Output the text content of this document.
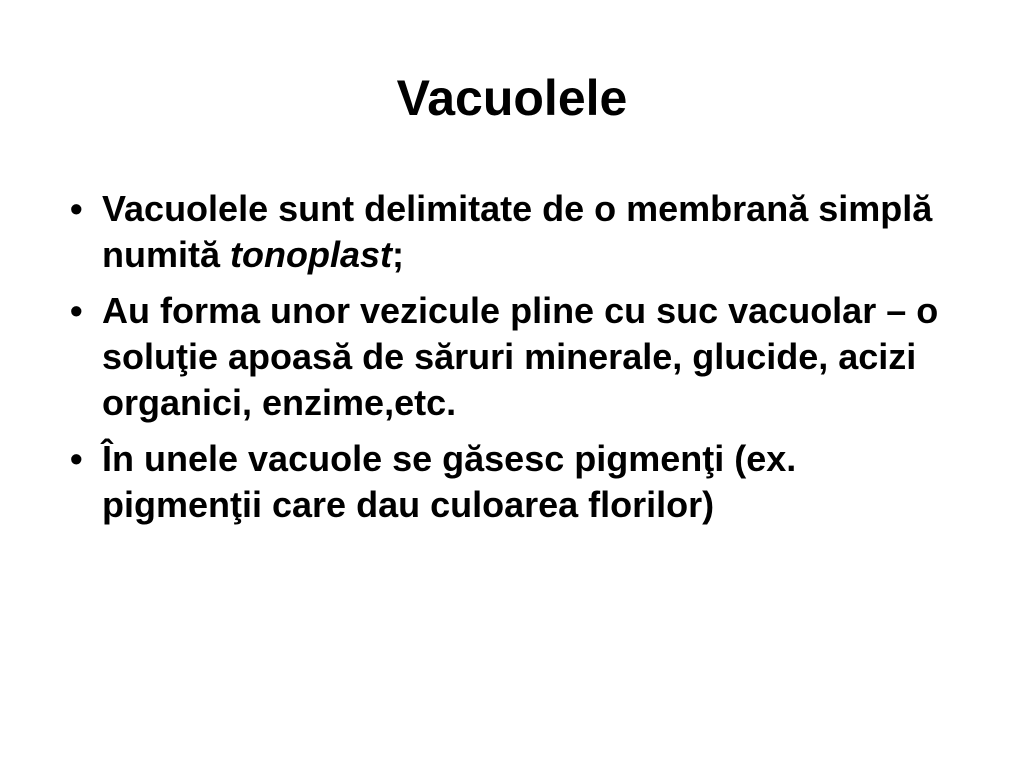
Vacuolele
• Vacuolele sunt delimitate de o membrană simplă numită tonoplast;
• Au forma unor vezicule pline cu suc vacuolar – o soluţie apoasă de săruri minerale, glucide, acizi organici, enzime,etc.
• În unele vacuole se găsesc pigmenţi (ex. pigmenţii care dau culoarea florilor)
